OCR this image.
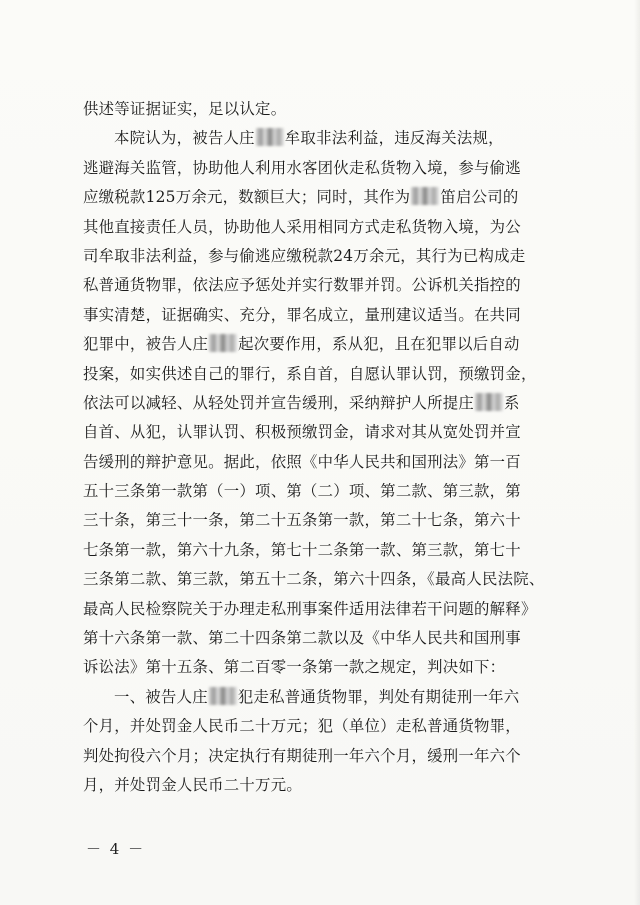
供述等证据证实，足以认定。
本院认为，被告人庄 牟取非法利益，违反海关法规，
逃避海关监管，协助他人利用水客团伙走私货物入境，参与偷逃
应缴税款125万余元，数额巨大；同时，其作为 笛启公司的
其他直接责任人员，协助他人采用相同方式走私货物入境，为公
司牟取非法利益，参与偷逃应缴税款24万余元，其行为已构成走
私普通货物罪，依法应予惩处并实行数罪并罚。公诉机关指控的
事实清楚，证据确实、充分，罪名成立，量刑建议适当。在共同
犯罪中，被告人庄 起次要作用，系从犯，且在犯罪以后自动
投案，如实供述自己的罪行，系自首，自愿认罪认罚，预缴罚金，
依法可以减轻、从轻处罚并宣告缓刑，采纳辩护人所提庄 系
自首、从犯，认罪认罚、积极预缴罚金，请求对其从宽处罚并宣
告缓刑的辩护意见。据此，依照《中华人民共和国刑法》第一百
五十三条第一款第（一）项、第（二）项、第二款、第三款，第
三十条，第三十一条，第二十五条第一款，第二十七条，第六十
七条第一款，第六十九条，第七十二条第一款、第三款，第七十
三条第二款、第三款，第五十二条，第六十四条，《最高人民法院、
最高人民检察院关于办理走私刑事案件适用法律若干问题的解释》
第十六条第一款、第二十四条第二款以及《中华人民共和国刑事
诉讼法》第十五条、第二百零一条第一款之规定，判决如下：
一、被告人庄 犯走私普通货物罪，判处有期徒刑一年六
个月，并处罚金人民币二十万元；犯（单位）走私普通货物罪，
判处拘役六个月；决定执行有期徒刑一年六个月，缓刑一年六个
月，并处罚金人民币二十万元。
－ 4 －
